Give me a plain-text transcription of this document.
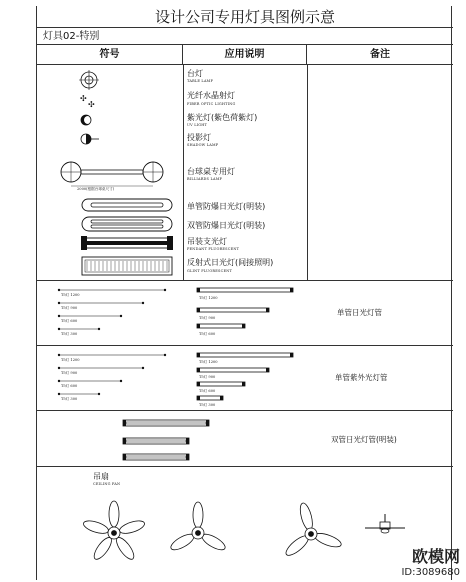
设计公司专用灯具图例示意
灯具02-特别
符号	应用说明	备注
台灯
TABLE LAMP
✣
✣
光纤水晶射灯
FIBER OPTIC LIGHTING
紫光灯(紫色荷紫灯)
UV LIGHT
投影灯
SHADOW LAMP
2000(根据台球桌尺寸)
台球桌专用灯
BILLIARDS LAMP
单管防爆日光灯(明装)
双管防爆日光灯(明装)
吊装支光灯
PENDANT FLUORESCENT
反射式日光灯(间接照明)
GLINT FLUORESCENT
T5灯 1200
T5灯 900
T5灯 600
T5灯 300
T5灯 1200
T5灯 900
T5灯 600
单管日光灯管
T5灯 1200
T5灯 900
T5灯 600
T5灯 300
T5灯 1200
T5灯 900
T5灯 600
T5灯 300
单管紫外光灯管
双管日光灯管(明装)
吊扇
CEILING FAN
欧模网
ID:3089680
